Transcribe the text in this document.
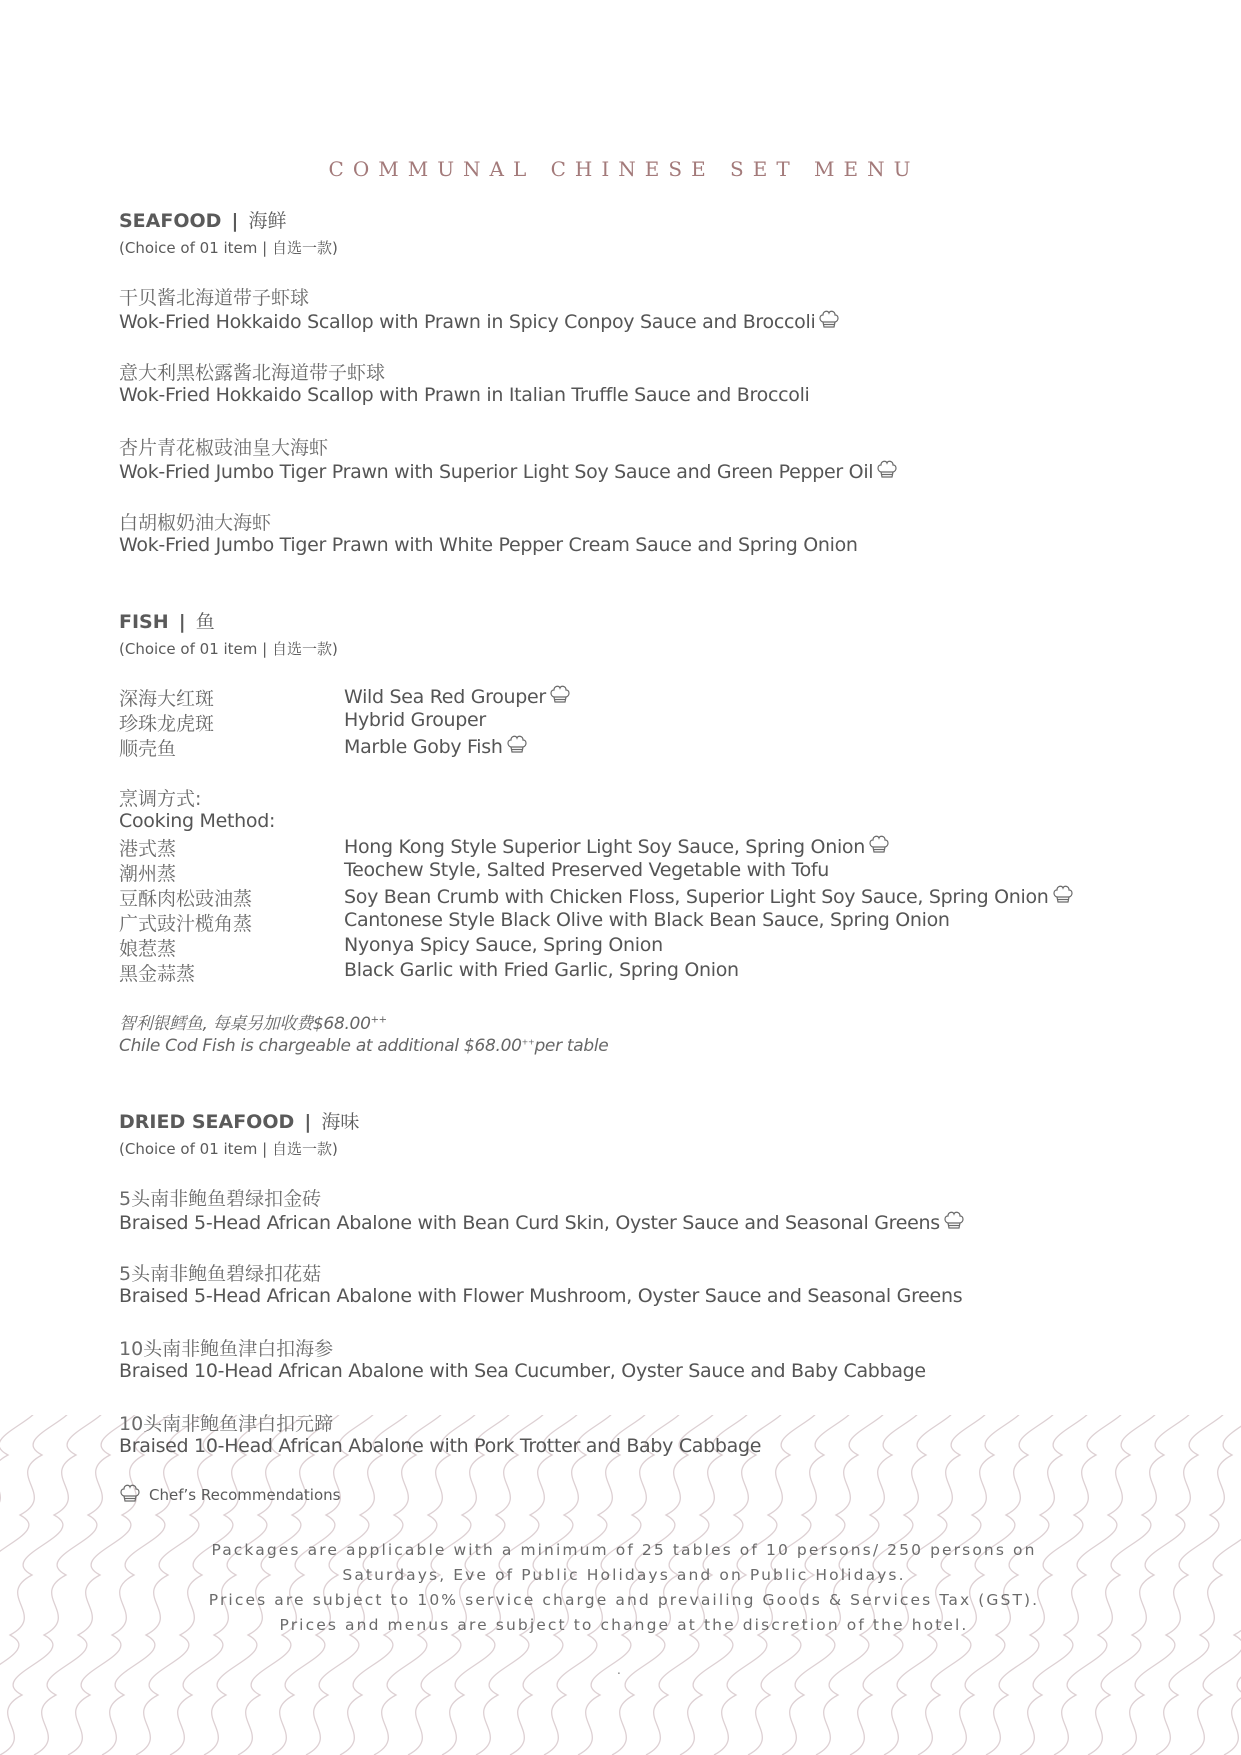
COMMUNAL CHINESE SET MENU
SEAFOOD | 海鲜
(Choice of 01 item | 自选一款)
干贝酱北海道带子虾球
Wok-Fried Hokkaido Scallop with Prawn in Spicy Conpoy Sauce and Broccoli
意大利黑松露酱北海道带子虾球
Wok-Fried Hokkaido Scallop with Prawn in Italian Truffle Sauce and Broccoli
杏片青花椒豉油皇大海虾
Wok-Fried Jumbo Tiger Prawn with Superior Light Soy Sauce and Green Pepper Oil
白胡椒奶油大海虾
Wok-Fried Jumbo Tiger Prawn with White Pepper Cream Sauce and Spring Onion
FISH | 鱼
(Choice of 01 item | 自选一款)
深海大红斑	Wild Sea Red Grouper
珍珠龙虎斑	Hybrid Grouper
顺壳鱼	Marble Goby Fish
烹调方式:
Cooking Method:
港式蒸	Hong Kong Style Superior Light Soy Sauce, Spring Onion
潮州蒸	Teochew Style, Salted Preserved Vegetable with Tofu
豆酥肉松豉油蒸	Soy Bean Crumb with Chicken Floss, Superior Light Soy Sauce, Spring Onion
广式豉汁榄角蒸	Cantonese Style Black Olive with Black Bean Sauce, Spring Onion
娘惹蒸	Nyonya Spicy Sauce, Spring Onion
黑金蒜蒸	Black Garlic with Fried Garlic, Spring Onion
智利银鳕鱼, 每桌另加收费$68.00++
Chile Cod Fish is chargeable at additional $68.00++per table
DRIED SEAFOOD | 海味
(Choice of 01 item | 自选一款)
5头南非鲍鱼碧绿扣金砖
Braised 5-Head African Abalone with Bean Curd Skin, Oyster Sauce and Seasonal Greens
5头南非鲍鱼碧绿扣花菇
Braised 5-Head African Abalone with Flower Mushroom, Oyster Sauce and Seasonal Greens
10头南非鲍鱼津白扣海参
Braised 10-Head African Abalone with Sea Cucumber, Oyster Sauce and Baby Cabbage
10头南非鲍鱼津白扣元蹄
Braised 10-Head African Abalone with Pork Trotter and Baby Cabbage
Chef’s Recommendations
Packages are applicable with a minimum of 25 tables of 10 persons/ 250 persons on
Saturdays, Eve of Public Holidays and on Public Holidays.
Prices are subject to 10% service charge and prevailing Goods & Services Tax (GST).
Prices and menus are subject to change at the discretion of the hotel.
.
